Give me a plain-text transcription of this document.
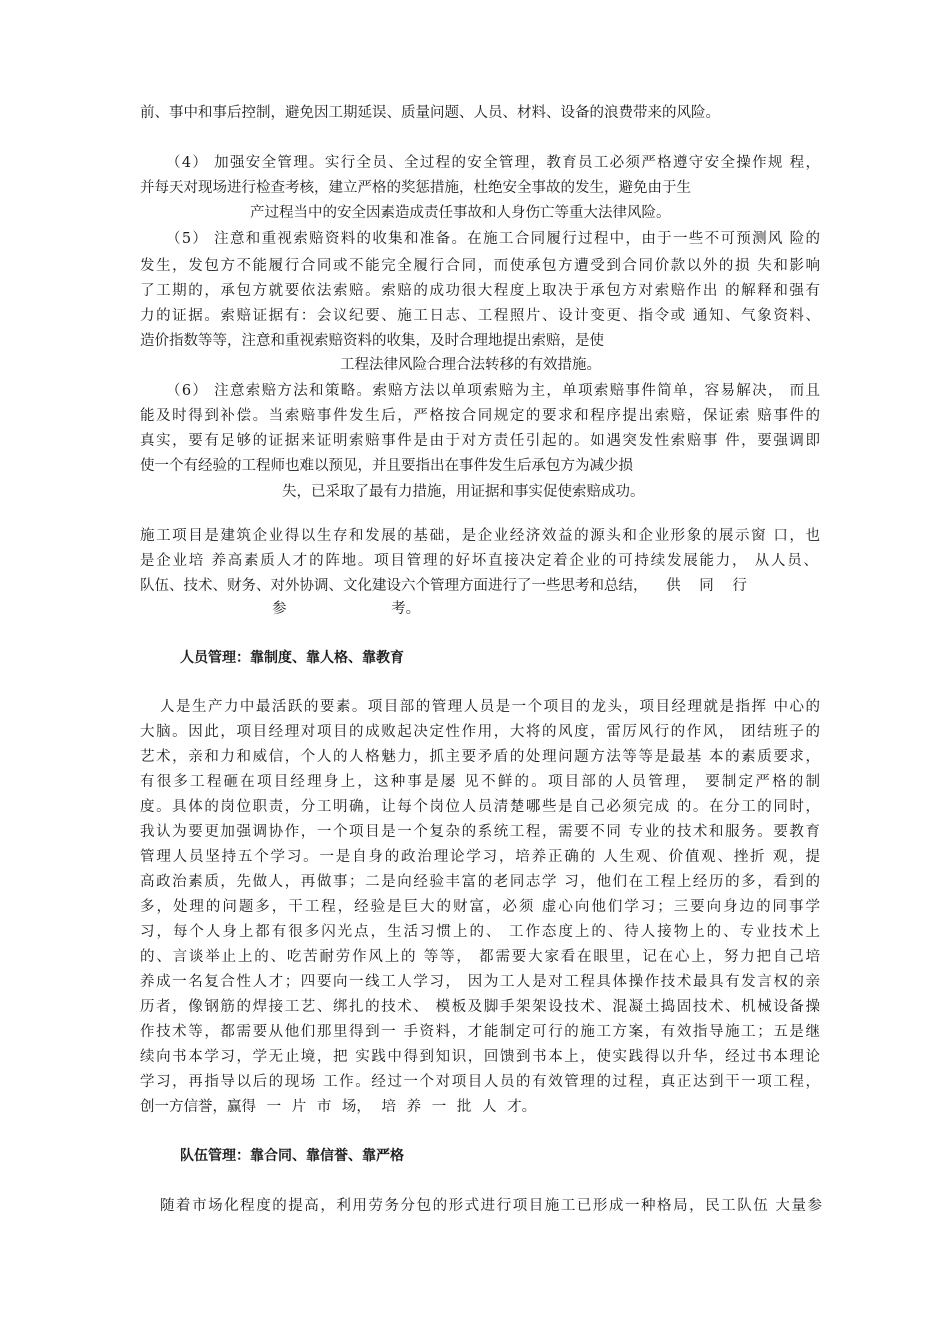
前、事中和事后控制，避免因工期延误、质量问题、人员、材料、设备的浪费带来的风险。
（4） 加强安全管理。实行全员、全过程的安全管理，教育员工必须严格遵守安全操作规 程，
并每天对现场进行检查考核，建立严格的奖惩措施，杜绝安全事故的发生，避免由于生
产过程当中的安全因素造成责任事故和人身伤亡等重大法律风险。
（5） 注意和重视索赔资料的收集和准备。在施工合同履行过程中，由于一些不可预测风 险的
发生，发包方不能履行合同或不能完全履行合同，而使承包方遭受到合同价款以外的损 失和影响
了工期的，承包方就要依法索赔。索赔的成功很大程度上取决于承包方对索赔作出 的解释和强有
力的证据。索赔证据有：会议纪要、施工日志、工程照片、设计变更、指令或 通知、气象资料、
造价指数等等，注意和重视索赔资料的收集，及时合理地提出索赔，是使
工程法律风险合理合法转移的有效措施。
（6） 注意索赔方法和策略。索赔方法以单项索赔为主，单项索赔事件简单，容易解决， 而且
能及时得到补偿。当索赔事件发生后，严格按合同规定的要求和程序提出索赔，保证索 赔事件的
真实，要有足够的证据来证明索赔事件是由于对方责任引起的。如遇突发性索赔事 件，要强调即
使一个有经验的工程师也难以预见，并且要指出在事件发生后承包方为减少损
失，已采取了最有力措施，用证据和事实促使索赔成功。
施工项目是建筑企业得以生存和发展的基础，是企业经济效益的源头和企业形象的展示窗 口，也
是企业培 养高素质人才的阵地。项目管理的好坏直接决定着企业的可持续发展能力， 从人员、
队伍、技术、财务、对外协调、文化建设六个管理方面进行了一些思考和总结， 供 同 行
参 考。
人员管理：靠制度、靠人格、靠教育
人是生产力中最活跃的要素。项目部的管理人员是一个项目的龙头，项目经理就是指挥 中心的
大脑。因此，项目经理对项目的成败起决定性作用，大将的风度，雷厉风行的作风， 团结班子的
艺术，亲和力和威信，个人的人格魅力，抓主要矛盾的处理问题方法等等是最基 本的素质要求，
有很多工程砸在项目经理身上，这种事是屡 见不鲜的。项目部的人员管理， 要制定严格的制
度。具体的岗位职责，分工明确，让每个岗位人员清楚哪些是自己必须完成 的。在分工的同时，
我认为要更加强调协作，一个项目是一个复杂的系统工程，需要不同 专业的技术和服务。要教育
管理人员坚持五个学习。一是自身的政治理论学习，培养正确的 人生观、价值观、挫折 观，提
高政治素质，先做人，再做事；二是向经验丰富的老同志学 习，他们在工程上经历的多，看到的
多，处理的问题多，干工程，经验是巨大的财富，必须 虚心向他们学习；三要向身边的同事学
习，每个人身上都有很多闪光点，生活习惯上的、 工作态度上的、待人接物上的、专业技术上
的、言谈举止上的、吃苦耐劳作风上的 等等， 都需要大家看在眼里，记在心上，努力把自己培
养成一名复合性人才；四要向一线工人学习， 因为工人是对工程具体操作技术最具有发言权的亲
历者，像钢筋的焊接工艺、绑扎的技术、 模板及脚手架架设技术、混凝土捣固技术、机械设备操
作技术等，都需要从他们那里得到一 手资料，才能制定可行的施工方案，有效指导施工；五是继
续向书本学习，学无止境，把 实践中得到知识，回馈到书本上，使实践得以升华，经过书本理论
学习，再指导以后的现场 工作。经过一个对项目人员的有效管理的过程，真正达到干一项工程，
创一方信誉，赢得 一 片 市 场， 培 养 一 批 人 才。
队伍管理：靠合同、靠信誉、靠严格
随着市场化程度的提高，利用劳务分包的形式进行项目施工已形成一种格局，民工队伍 大量参
